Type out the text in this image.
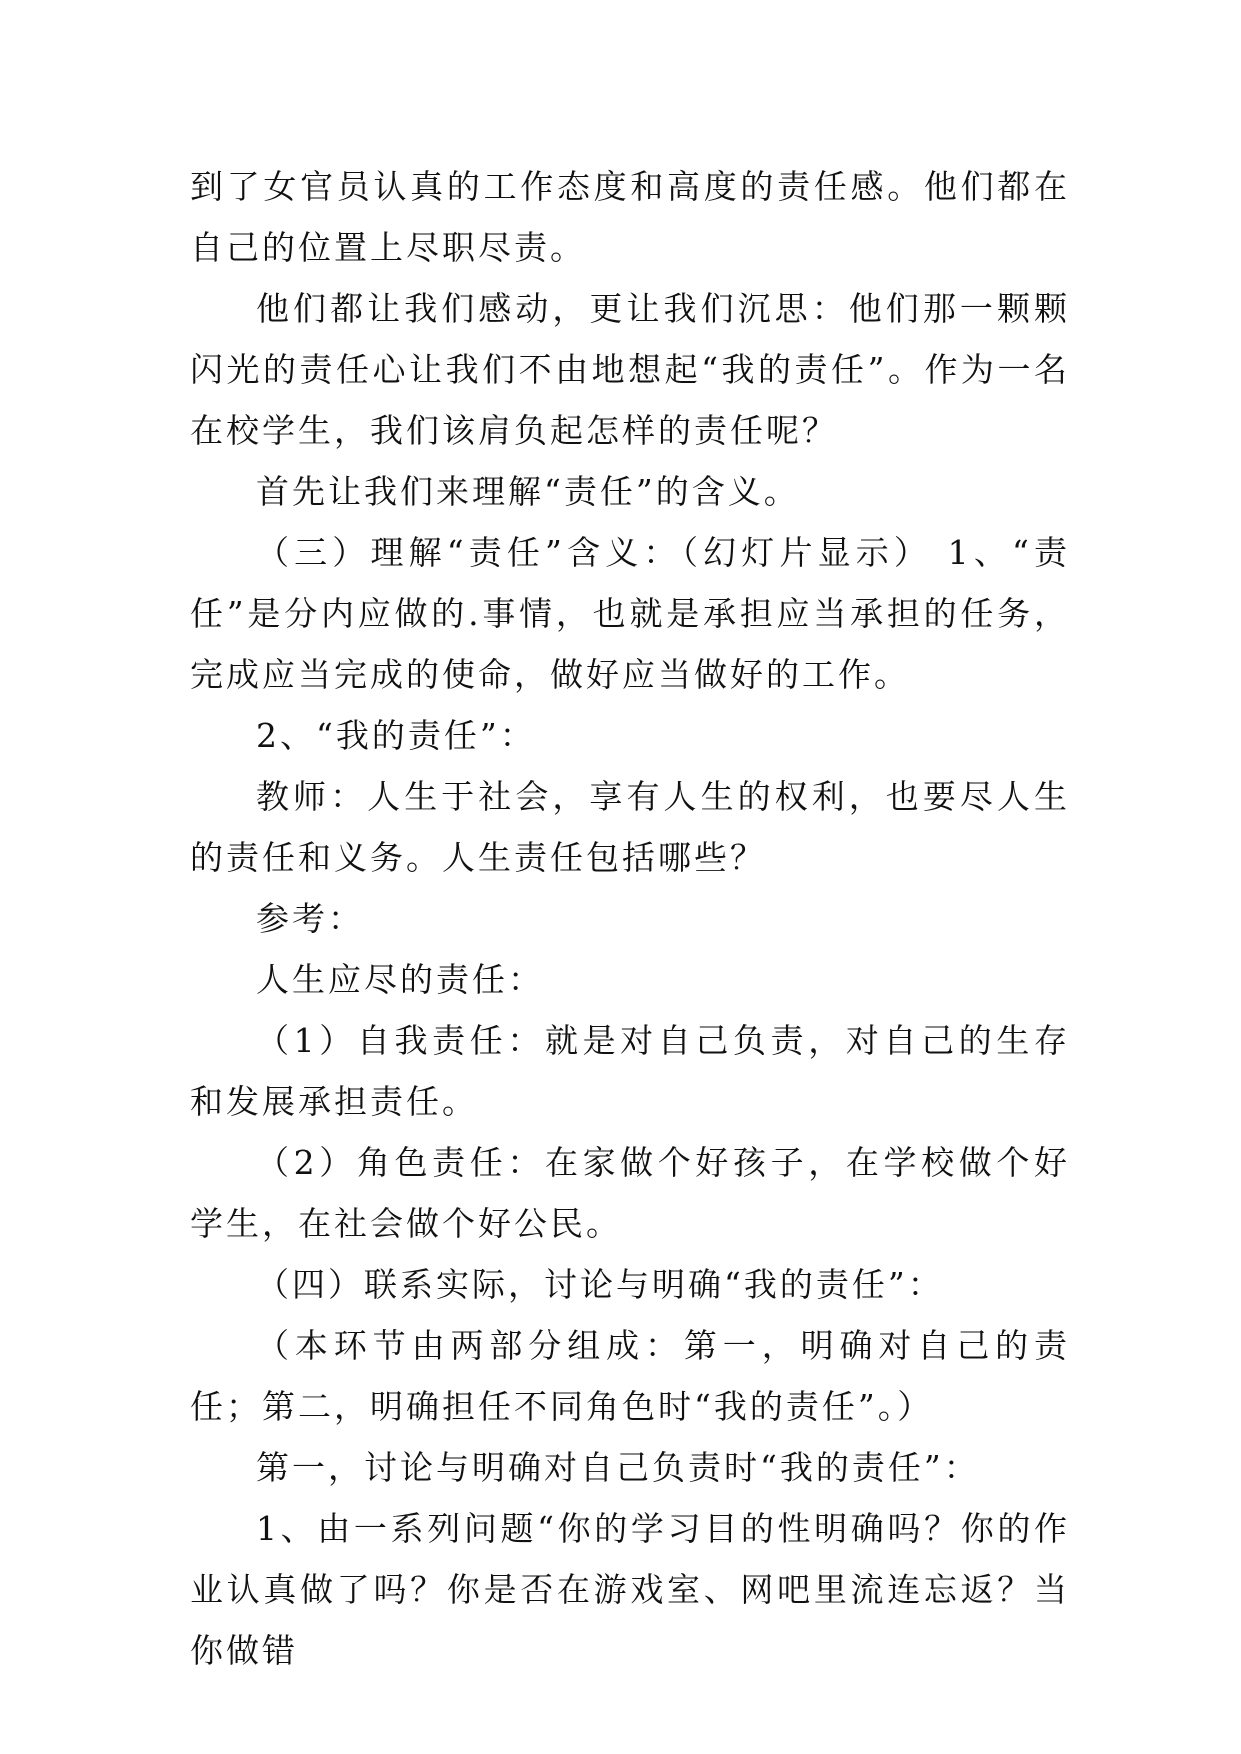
到了女官员认真的工作态度和高度的责任感。他们都在自己的位置上尽职尽责。

他们都让我们感动，更让我们沉思：他们那一颗颗闪光的责任心让我们不由地想起“我的责任”。作为一名在校学生，我们该肩负起怎样的责任呢？

首先让我们来理解“责任”的含义。

（三）理解“责任”含义：（幻灯片显示） 1、“责任”是分内应做的.事情，也就是承担应当承担的任务，完成应当完成的使命，做好应当做好的工作。

2、“我的责任”：

教师：人生于社会，享有人生的权利，也要尽人生的责任和义务。人生责任包括哪些？

参考：

人生应尽的责任：

（1）自我责任：就是对自己负责，对自己的生存和发展承担责任。

（2）角色责任：在家做个好孩子，在学校做个好学生，在社会做个好公民。

（四）联系实际，讨论与明确“我的责任”：

（本环节由两部分组成：第一，明确对自己的责任；第二，明确担任不同角色时“我的责任”。）

第一，讨论与明确对自己负责时“我的责任”：

1、由一系列问题“你的学习目的性明确吗？你的作业认真做了吗？你是否在游戏室、网吧里流连忘返？当你做错
